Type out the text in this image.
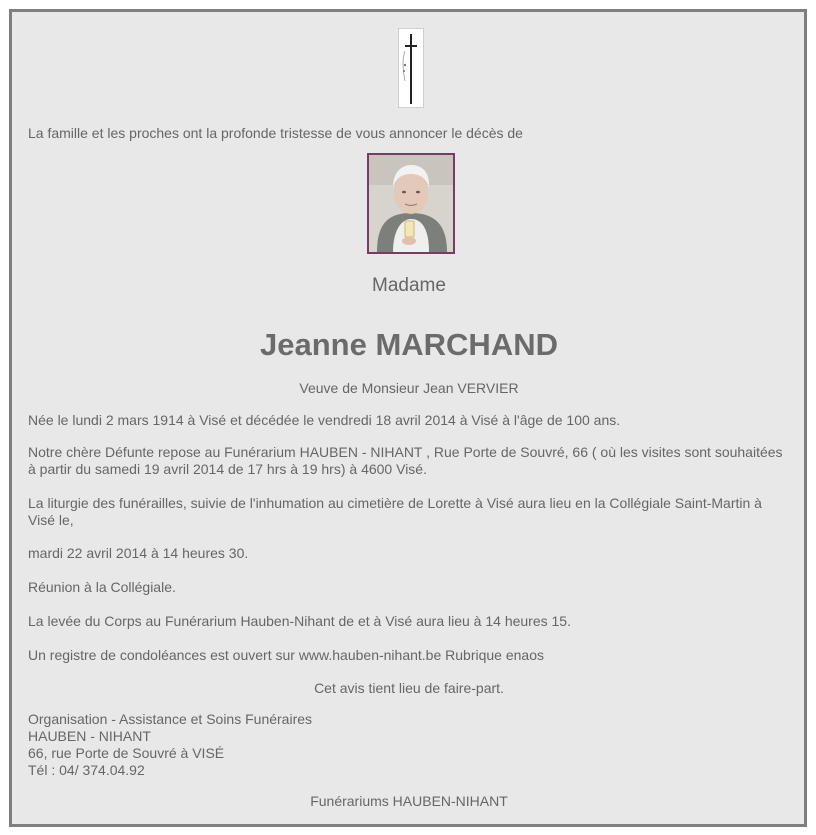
La famille et les proches ont la profonde tristesse de vous annoncer le décès de

Madame
Jeanne MARCHAND

Veuve de Monsieur Jean VERVIER

Née le lundi 2 mars 1914 à Visé et décédée le vendredi 18 avril 2014 à Visé à l'âge de 100 ans.

Notre chère Défunte repose au Funérarium HAUBEN - NIHANT , Rue Porte de Souvré, 66 ( où les visites sont souhaitées à partir du samedi 19 avril 2014 de 17 hrs à 19 hrs) à 4600 Visé.

La liturgie des funérailles, suivie de l'inhumation au cimetière de Lorette à Visé aura lieu en la Collégiale Saint-Martin à Visé le,

mardi 22 avril 2014 à 14 heures 30.

Réunion à la Collégiale.

La levée du Corps au Funérarium Hauben-Nihant de et à Visé aura lieu à 14 heures 15.

Un registre de condoléances est ouvert sur www.hauben-nihant.be Rubrique enaos

Cet avis tient lieu de faire-part.

Organisation - Assistance et Soins Funéraires

HAUBEN - NIHANT

66, rue Porte de Souvré à VISÉ

Tél : 04/ 374.04.92

Funérariums HAUBEN-NIHANT
